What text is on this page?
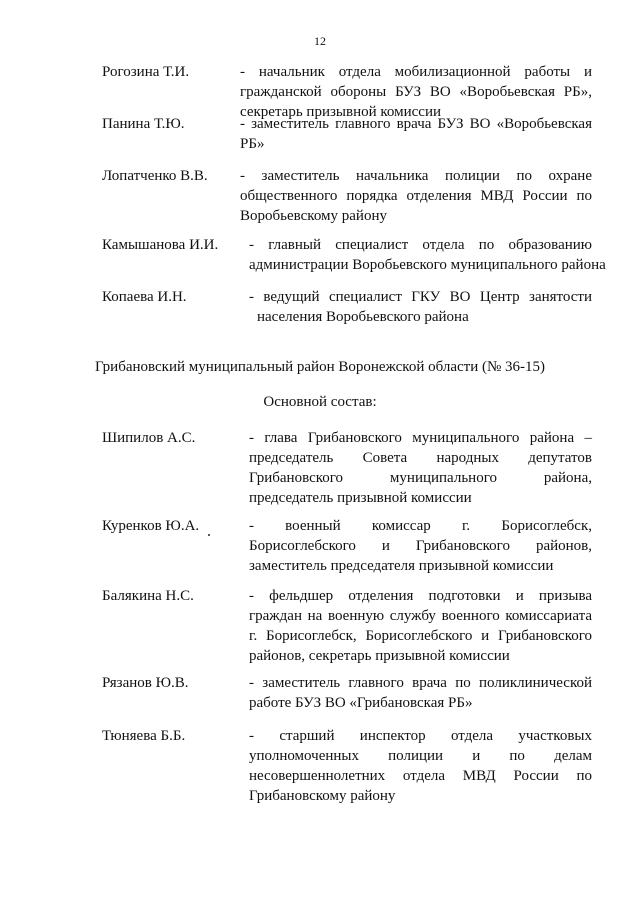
12
Рогозина Т.И.	- начальник отдела мобилизационной работы и
гражданской обороны БУЗ ВО «Воробьевская РБ»,
секретарь призывной комиссии
Панина Т.Ю.	- заместитель главного врача БУЗ ВО «Воробьевская
РБ»
Лопатченко В.В. - заместитель начальника полиции по охране
общественного порядка отделения МВД России по
Воробьевскому району
Камышанова И.И. - главный специалист отдела по образованию
администрации Воробьевского муниципального района
Копаева И.Н.	- ведущий специалист ГКУ ВО Центр занятости
населения Воробьевского района
Грибановский муниципальный район Воронежской области (№ 36-15)
Основной состав:
Шипилов А.С.	- глава Грибановского муниципального района –
председатель Совета народных депутатов
Грибановского муниципального района,
председатель призывной комиссии
Куренков Ю.А.	- военный комиссар г. Борисоглебск,
Борисоглебского и Грибановского районов,
заместитель председателя призывной комиссии
Балякина Н.С.	- фельдшер отделения подготовки и призыва
граждан на военную службу военного комиссариата
г. Борисоглебск, Борисоглебского и Грибановского
районов, секретарь призывной комиссии
Рязанов Ю.В.	- заместитель главного врача по поликлинической
работе БУЗ ВО «Грибановская РБ»
Тюняева Б.Б.	- старший инспектор отдела участковых
уполномоченных полиции и по делам
несовершеннолетних отдела МВД России по
Грибановскому району
